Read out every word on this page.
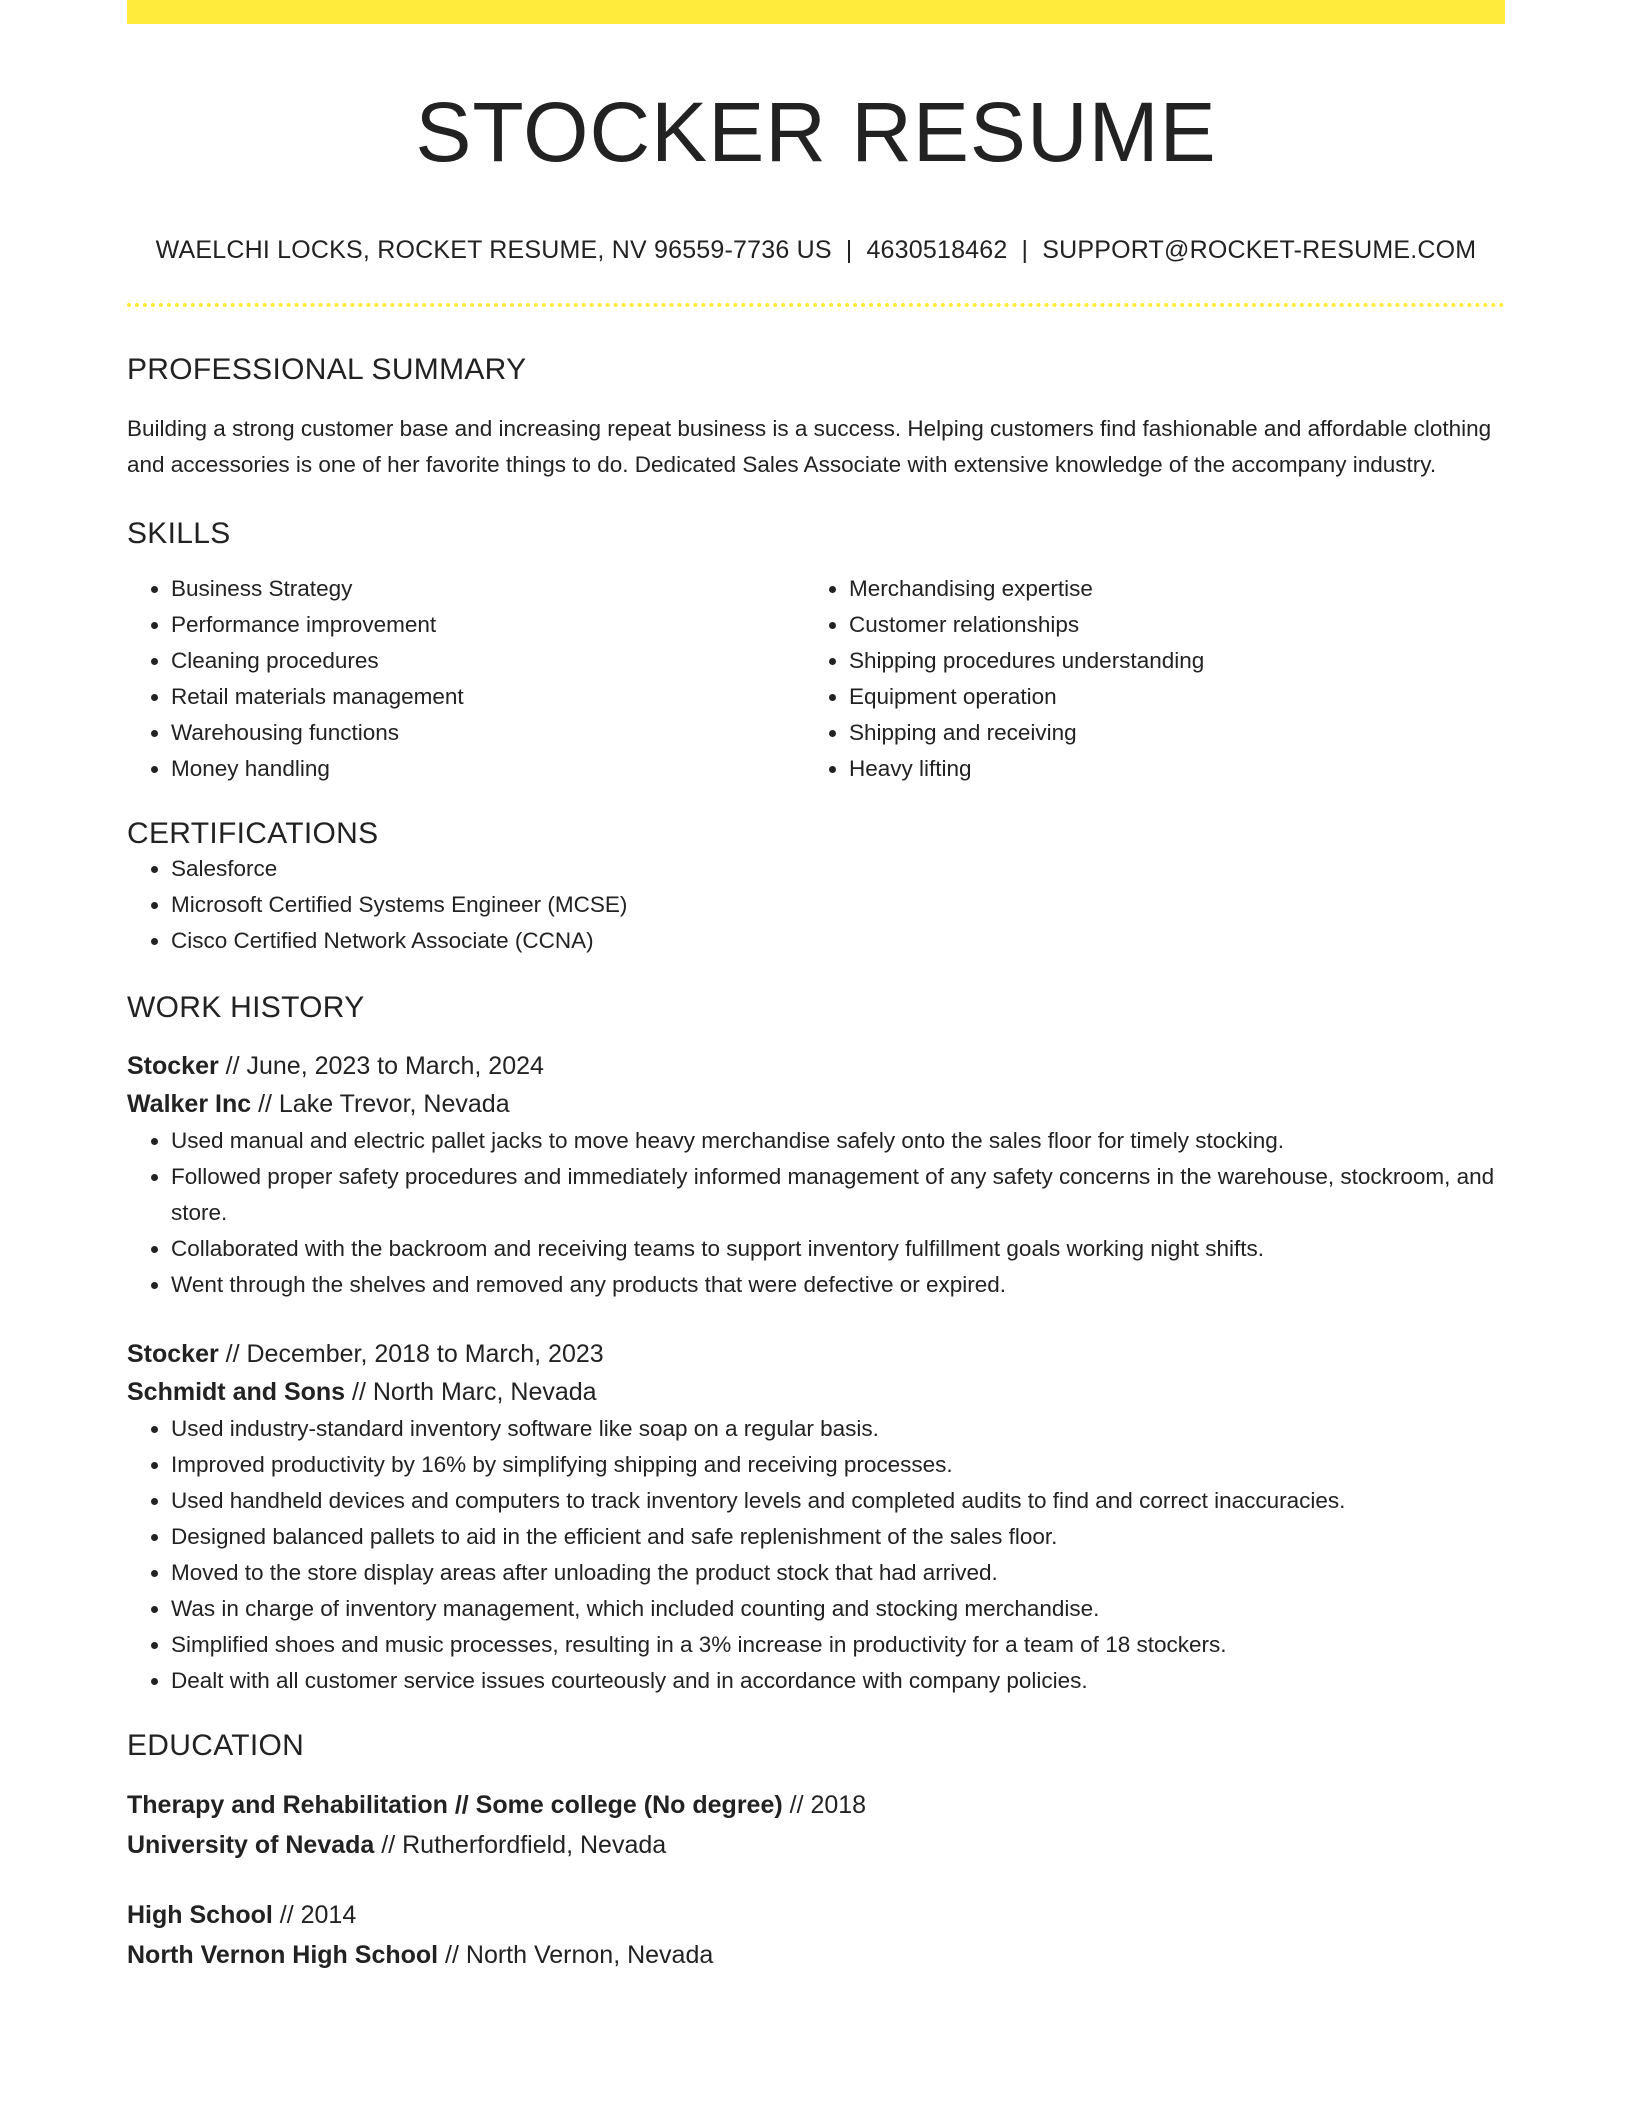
STOCKER RESUME
WAELCHI LOCKS, ROCKET RESUME, NV 96559-7736 US | 4630518462 | SUPPORT@ROCKET-RESUME.COM
PROFESSIONAL SUMMARY
Building a strong customer base and increasing repeat business is a success. Helping customers find fashionable and affordable clothing and accessories is one of her favorite things to do. Dedicated Sales Associate with extensive knowledge of the accompany industry.
SKILLS
• Business Strategy
• Performance improvement
• Cleaning procedures
• Retail materials management
• Warehousing functions
• Money handling
• Merchandising expertise
• Customer relationships
• Shipping procedures understanding
• Equipment operation
• Shipping and receiving
• Heavy lifting
CERTIFICATIONS
• Salesforce
• Microsoft Certified Systems Engineer (MCSE)
• Cisco Certified Network Associate (CCNA)
WORK HISTORY
Stocker // June, 2023 to March, 2024
Walker Inc // Lake Trevor, Nevada
• Used manual and electric pallet jacks to move heavy merchandise safely onto the sales floor for timely stocking.
• Followed proper safety procedures and immediately informed management of any safety concerns in the warehouse, stockroom, and store.
• Collaborated with the backroom and receiving teams to support inventory fulfillment goals working night shifts.
• Went through the shelves and removed any products that were defective or expired.
Stocker // December, 2018 to March, 2023
Schmidt and Sons // North Marc, Nevada
• Used industry-standard inventory software like soap on a regular basis.
• Improved productivity by 16% by simplifying shipping and receiving processes.
• Used handheld devices and computers to track inventory levels and completed audits to find and correct inaccuracies.
• Designed balanced pallets to aid in the efficient and safe replenishment of the sales floor.
• Moved to the store display areas after unloading the product stock that had arrived.
• Was in charge of inventory management, which included counting and stocking merchandise.
• Simplified shoes and music processes, resulting in a 3% increase in productivity for a team of 18 stockers.
• Dealt with all customer service issues courteously and in accordance with company policies.
EDUCATION
Therapy and Rehabilitation // Some college (No degree) // 2018
University of Nevada // Rutherfordfield, Nevada
High School // 2014
North Vernon High School // North Vernon, Nevada
